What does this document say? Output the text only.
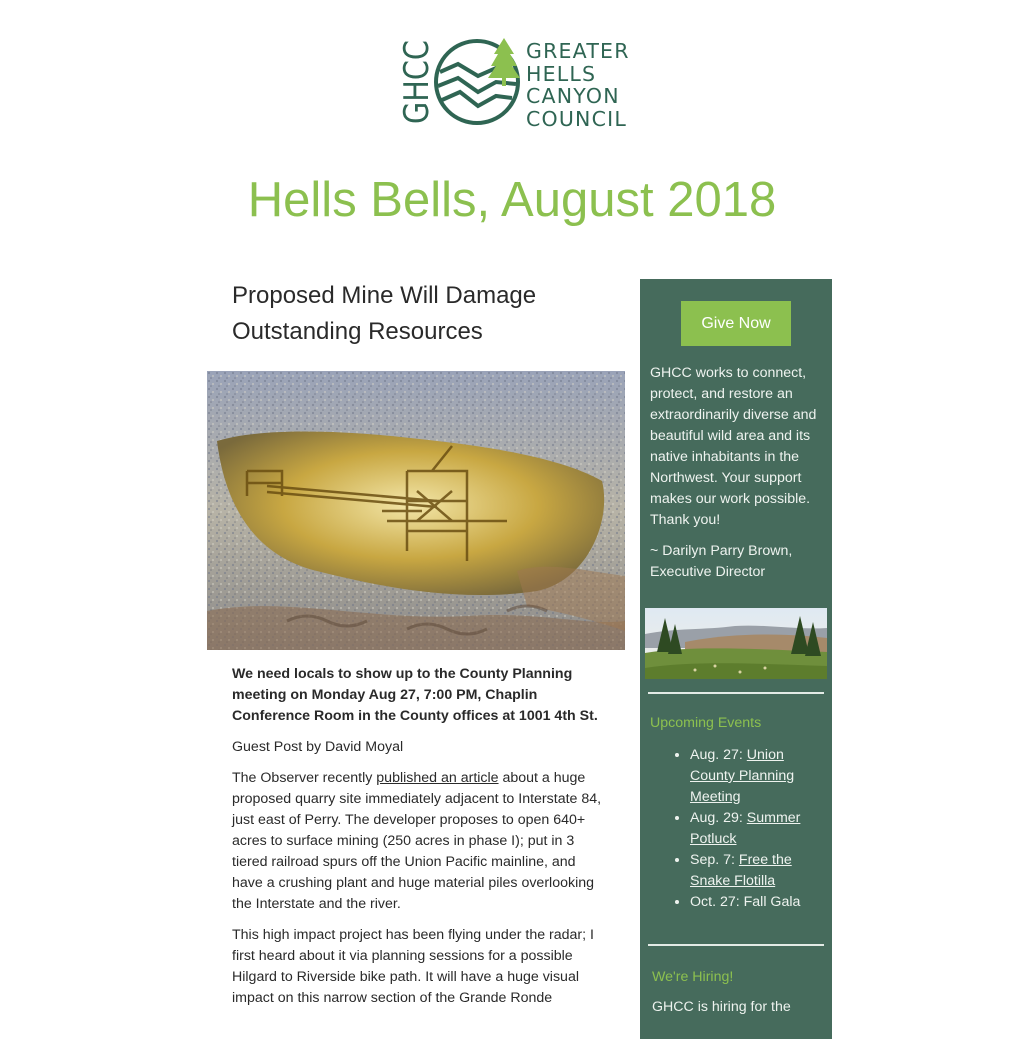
GHCC	GREATER
HELLS
CANYON
COUNCIL
Hells Bells, August 2018
Proposed Mine Will Damage Outstanding Resources

We need locals to show up to the County Planning meeting on Monday Aug 27, 7:00 PM, Chaplin Conference Room in the County offices at 1001 4th St.

Guest Post by David Moyal

The Observer recently published an article about a huge proposed quarry site immediately adjacent to Interstate 84, just east of Perry. The developer proposes to open 640+ acres to surface mining (250 acres in phase I); put in 3 tiered railroad spurs off the Union Pacific mainline, and have a crushing plant and huge material piles overlooking the Interstate and the river.

This high impact project has been flying under the radar; I first heard about it via planning sessions for a possible Hilgard to Riverside bike path. It will have a huge visual impact on this narrow section of the Grande Ronde

Give Now
GHCC works to connect, protect, and restore an extraordinarily diverse and beautiful wild area and its native inhabitants in the Northwest. Your support makes our work possible. Thank you!
~ Darilyn Parry Brown, Executive Director
Upcoming Events
• Aug. 27: Union County Planning Meeting
• Aug. 29: Summer Potluck
• Sep. 7: Free the Snake Flotilla
• Oct. 27: Fall Gala
We're Hiring!
GHCC is hiring for the
